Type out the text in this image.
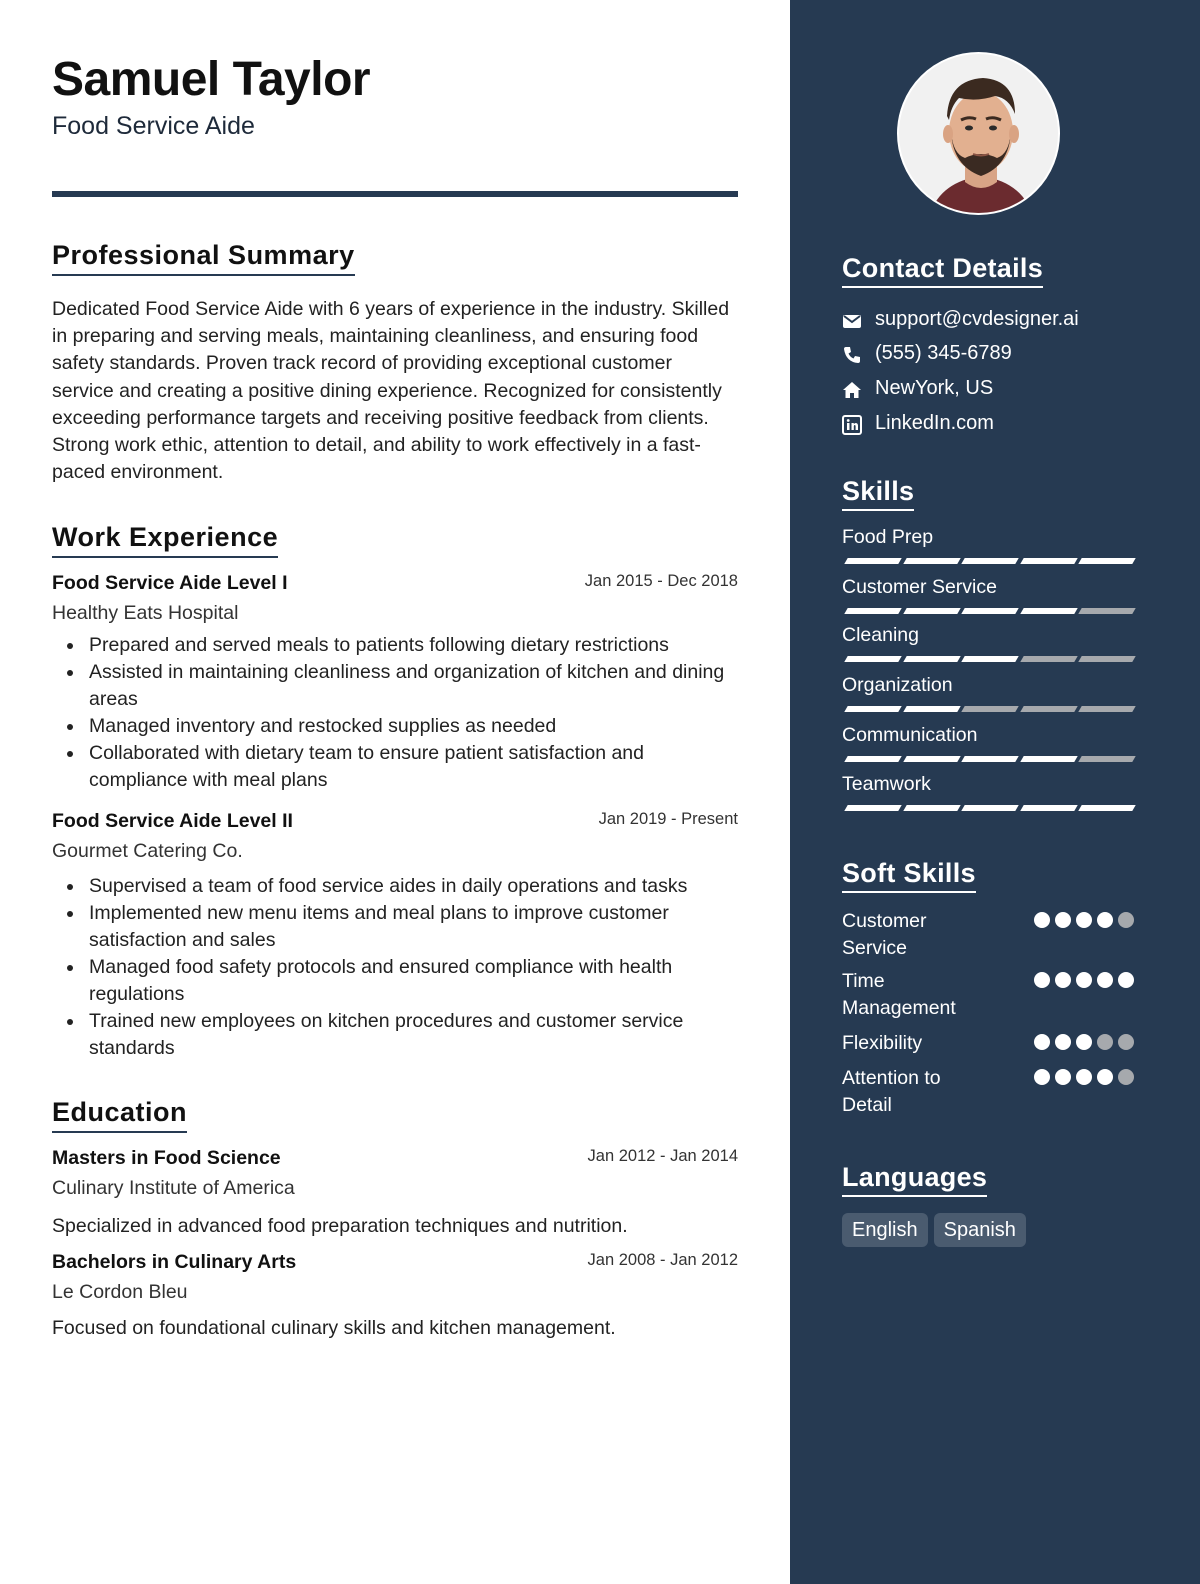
Samuel Taylor
Food Service Aide
Professional Summary
Dedicated Food Service Aide with 6 years of experience in the industry. Skilled in preparing and serving meals, maintaining cleanliness, and ensuring food safety standards. Proven track record of providing exceptional customer service and creating a positive dining experience. Recognized for consistently exceeding performance targets and receiving positive feedback from clients. Strong work ethic, attention to detail, and ability to work effectively in a fast-paced environment.
Work Experience
Food Service Aide Level I	Jan 2015 - Dec 2018
Healthy Eats Hospital
Prepared and served meals to patients following dietary restrictions
Assisted in maintaining cleanliness and organization of kitchen and dining areas
Managed inventory and restocked supplies as needed
Collaborated with dietary team to ensure patient satisfaction and compliance with meal plans
Food Service Aide Level II	Jan 2019 - Present
Gourmet Catering Co.
Supervised a team of food service aides in daily operations and tasks
Implemented new menu items and meal plans to improve customer satisfaction and sales
Managed food safety protocols and ensured compliance with health regulations
Trained new employees on kitchen procedures and customer service standards
Education
Masters in Food Science	Jan 2012 - Jan 2014
Culinary Institute of America
Specialized in advanced food preparation techniques and nutrition.
Bachelors in Culinary Arts	Jan 2008 - Jan 2012
Le Cordon Bleu
Focused on foundational culinary skills and kitchen management.
Contact Details
support@cvdesigner.ai
(555) 345-6789
NewYork, US
LinkedIn.com
Skills
Food Prep
Customer Service
Cleaning
Organization
Communication
Teamwork
Soft Skills
Customer Service
Time Management
Flexibility
Attention to Detail
Languages
English Spanish
